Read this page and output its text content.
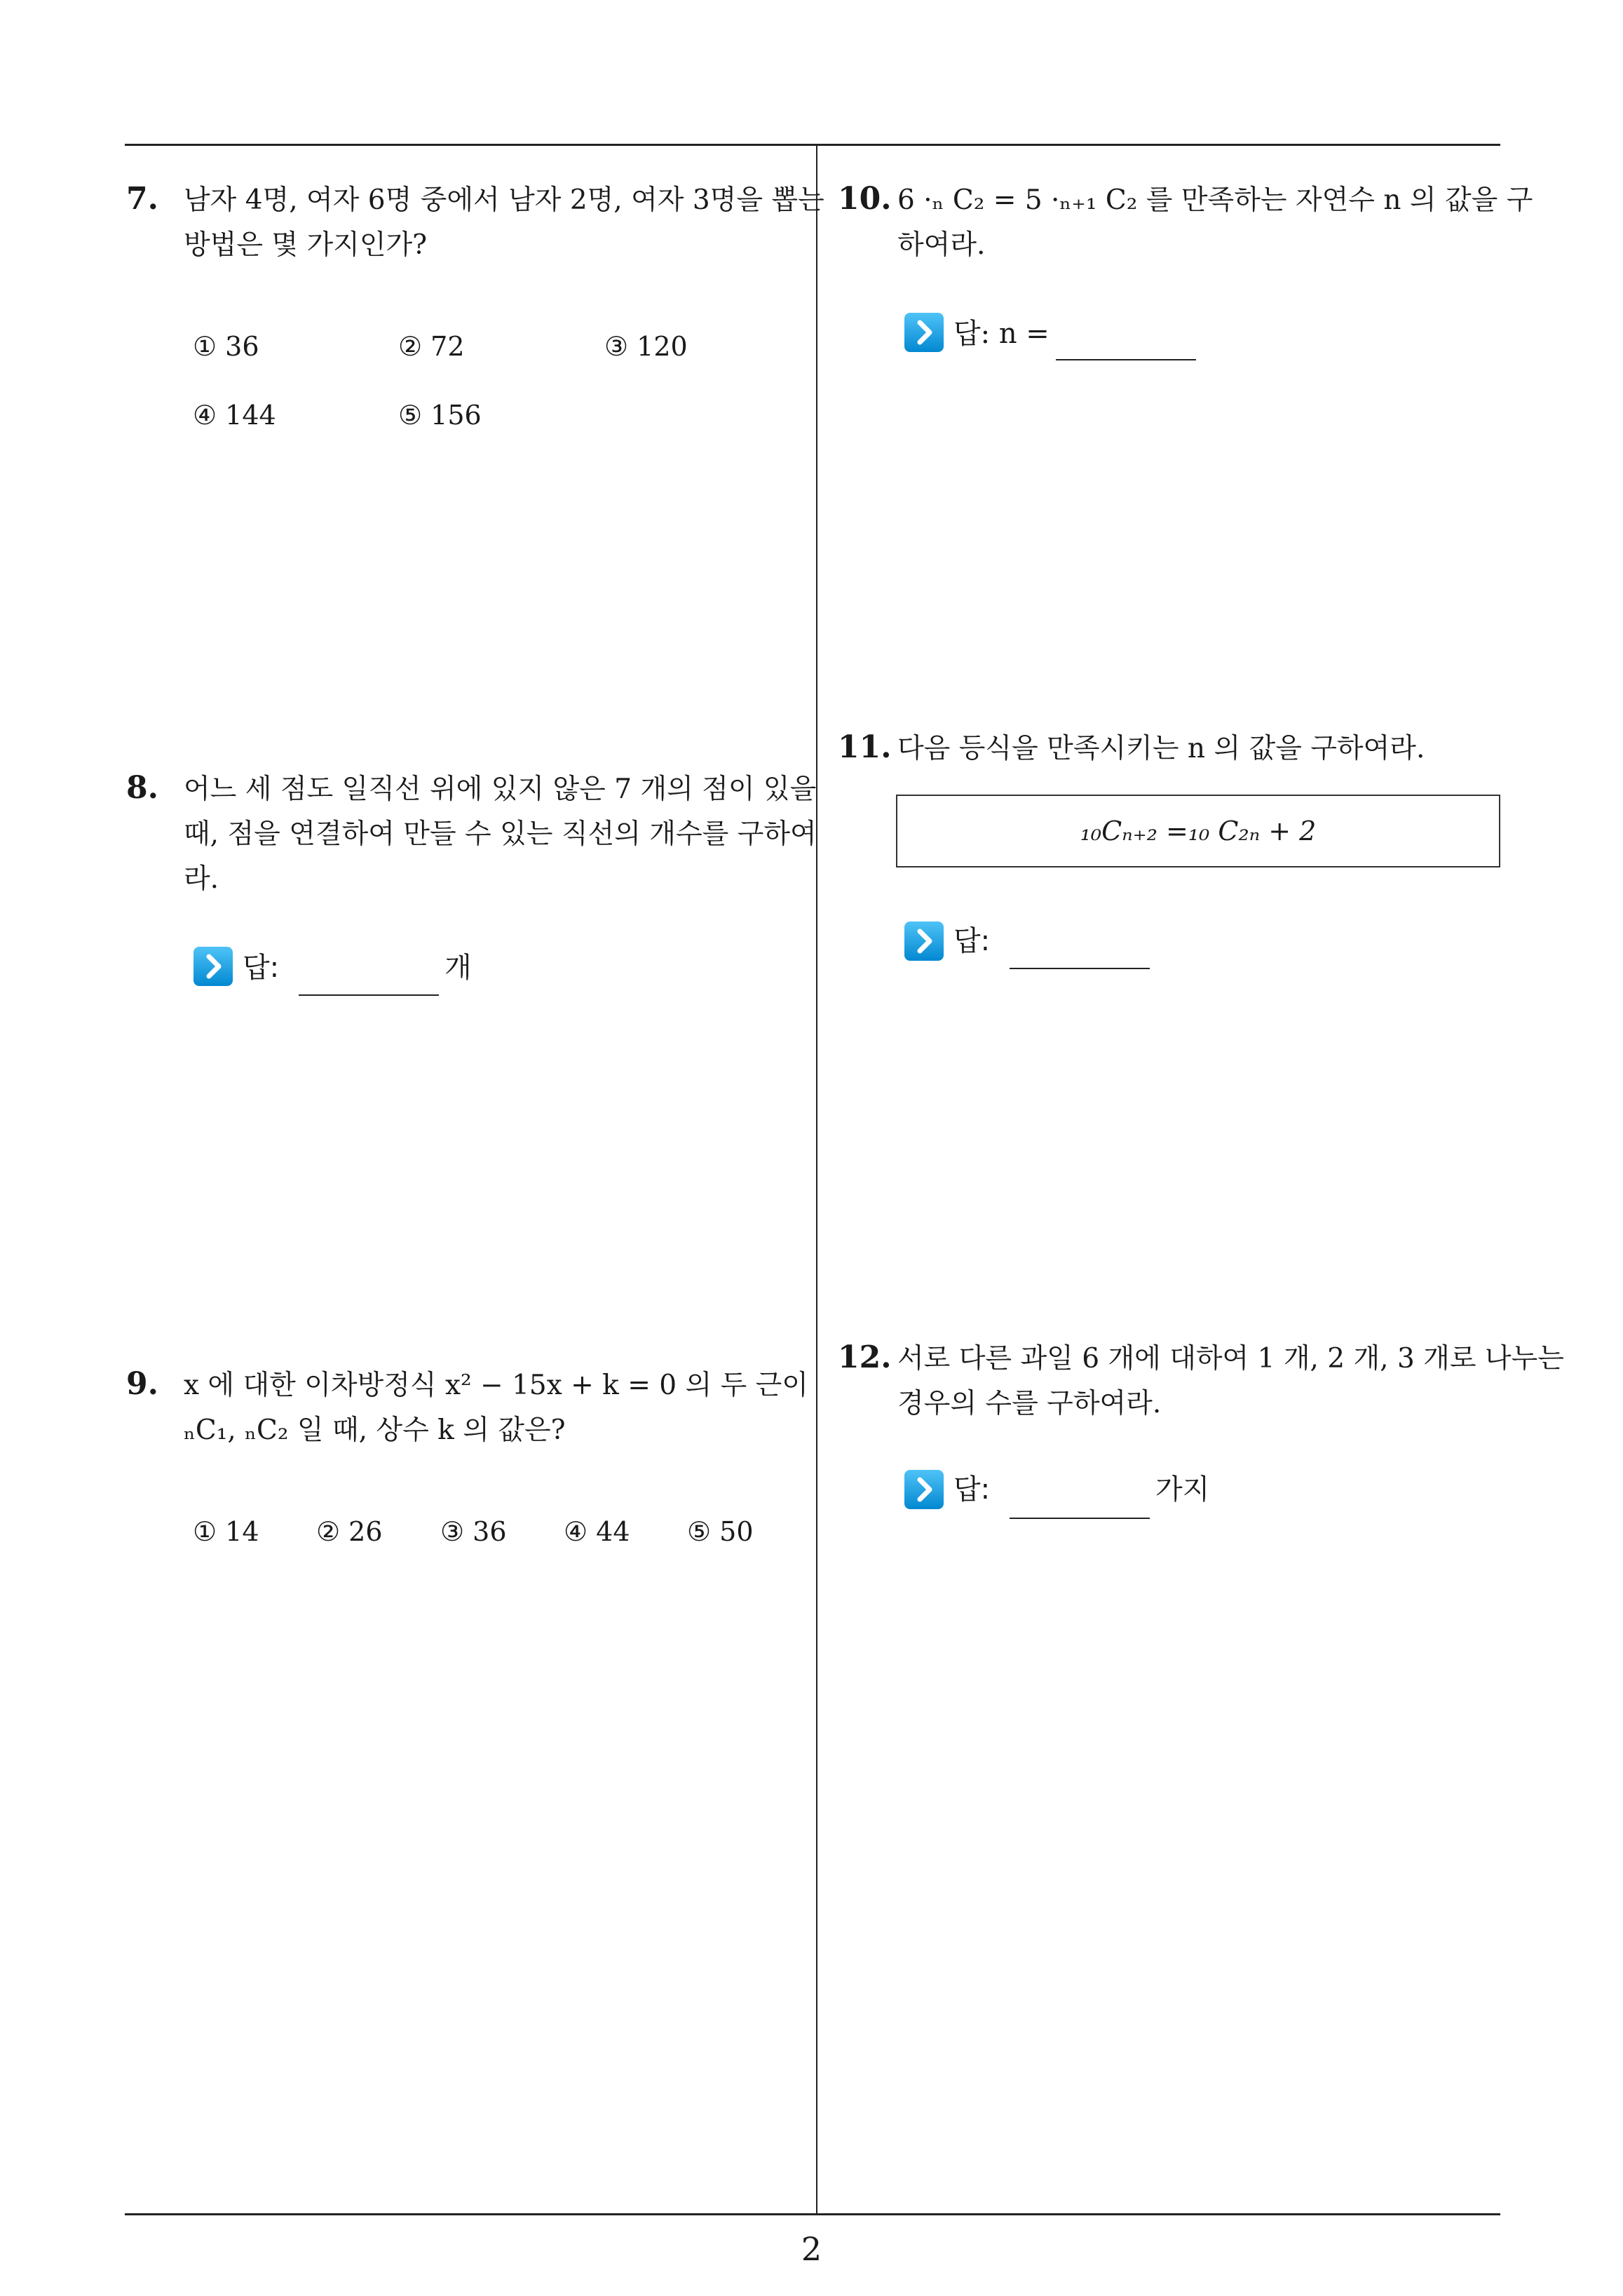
7. 남자 4명, 여자 6명 중에서 남자 2명, 여자 3명을 뽑는
방법은 몇 가지인가?
① 36	② 72	③ 120
④ 144	⑤ 156
8. 어느 세 점도 일직선 위에 있지 않은 7 개의 점이 있을
때, 점을 연결하여 만들 수 있는 직선의 개수를 구하여
라.
답:	개
9. x 에 대한 이차방정식 x² − 15x + k = 0 의 두 근이
ₙC₁, ₙC₂ 일 때, 상수 k 의 값은?
① 14 ② 26 ③ 36 ④ 44 ⑤ 50
10. 6 ·ₙ C₂ = 5 ·ₙ₊₁ C₂ 를 만족하는 자연수 n 의 값을 구
하여라.
답: n =
11. 다음 등식을 만족시키는 n 의 값을 구하여라.
₁₀Cₙ₊₂ =₁₀ C₂ₙ + 2
답:
12. 서로 다른 과일 6 개에 대하여 1 개, 2 개, 3 개로 나누는
경우의 수를 구하여라.
답:	가지
2
